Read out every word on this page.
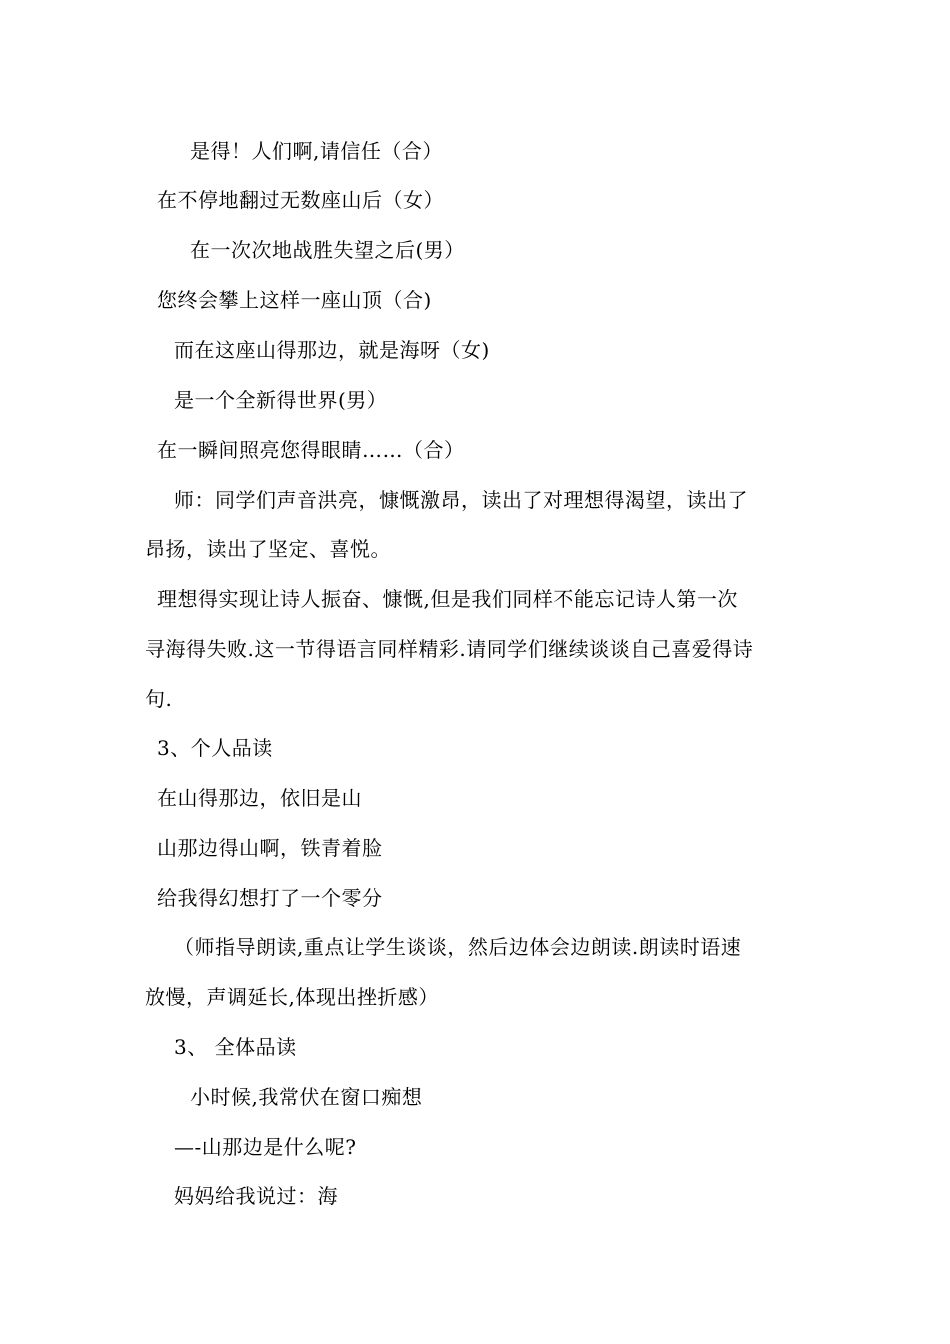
是得！人们啊,请信任（合）
在不停地翻过无数座山后（女）
在一次次地战胜失望之后(男）
您终会攀上这样一座山顶（合)
而在这座山得那边，就是海呀（女)
是一个全新得世界(男）
在一瞬间照亮您得眼睛……（合）
师：同学们声音洪亮，慷慨激昂，读出了对理想得渴望，读出了
昂扬，读出了坚定、喜悦。
理想得实现让诗人振奋、慷慨,但是我们同样不能忘记诗人第一次
寻海得失败.这一节得语言同样精彩.请同学们继续谈谈自己喜爱得诗
句.
3、个人品读
在山得那边，依旧是山
山那边得山啊，铁青着脸
给我得幻想打了一个零分
（师指导朗读,重点让学生谈谈，然后边体会边朗读.朗读时语速
放慢，声调延长,体现出挫折感）
3、 全体品读
小时候,我常伏在窗口痴想
—-山那边是什么呢?
妈妈给我说过：海
